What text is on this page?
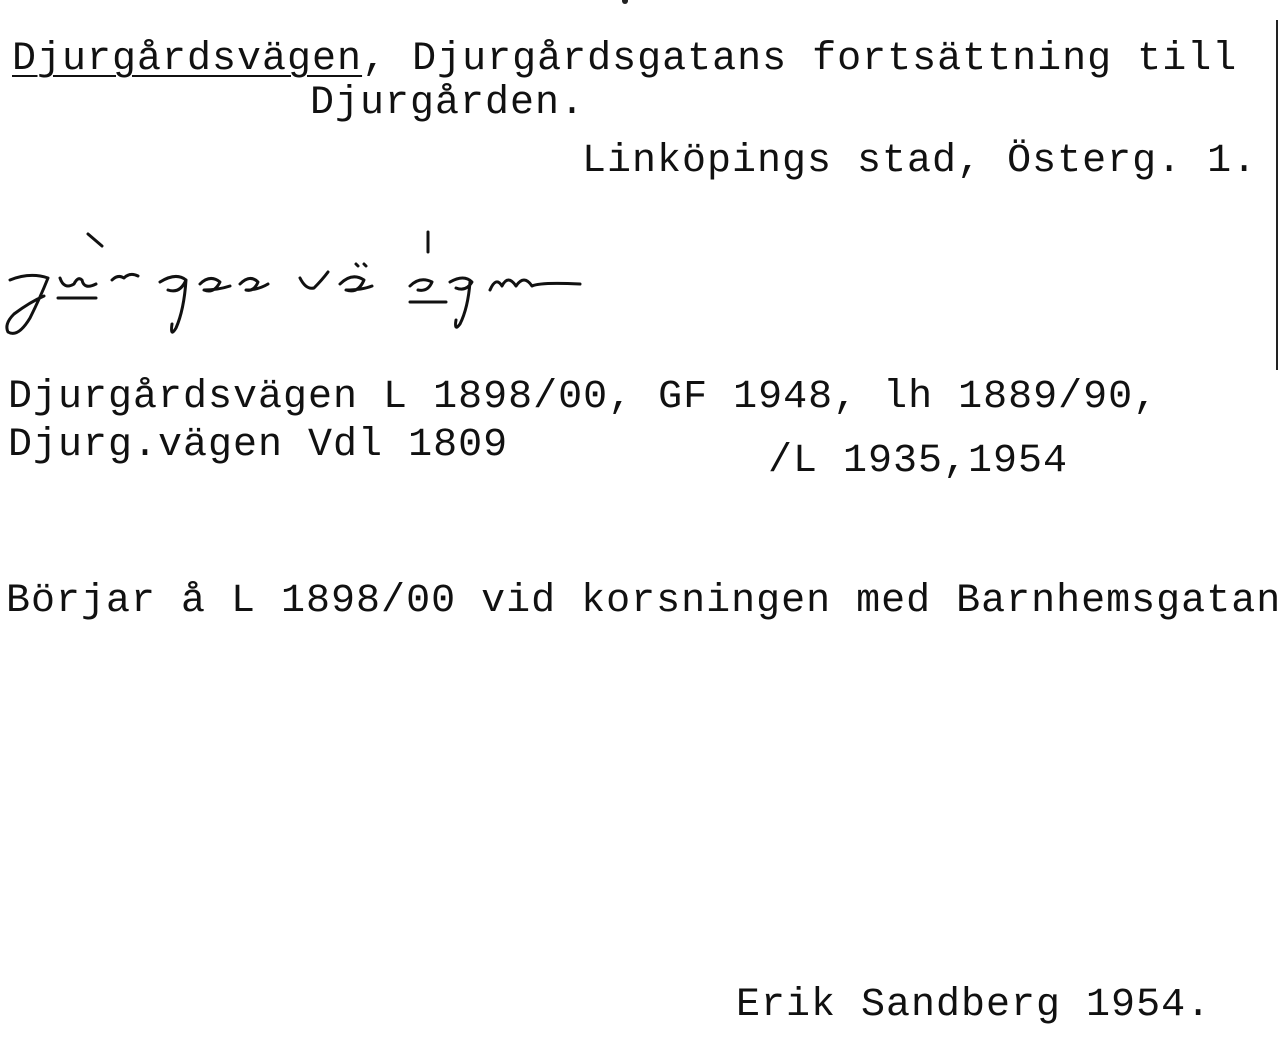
Djurgårdsvägen, Djurgårdsgatans fortsättning till
Djurgården.
Linköpings stad, Österg. 1.
Djurgårdsvägen L 1898/00, GF 1948, lh 1889/90,
Djurg.vägen Vdl 1809	/L 1935,1954
Börjar å L 1898/00 vid korsningen med Barnhemsgatan
Erik Sandberg 1954.
